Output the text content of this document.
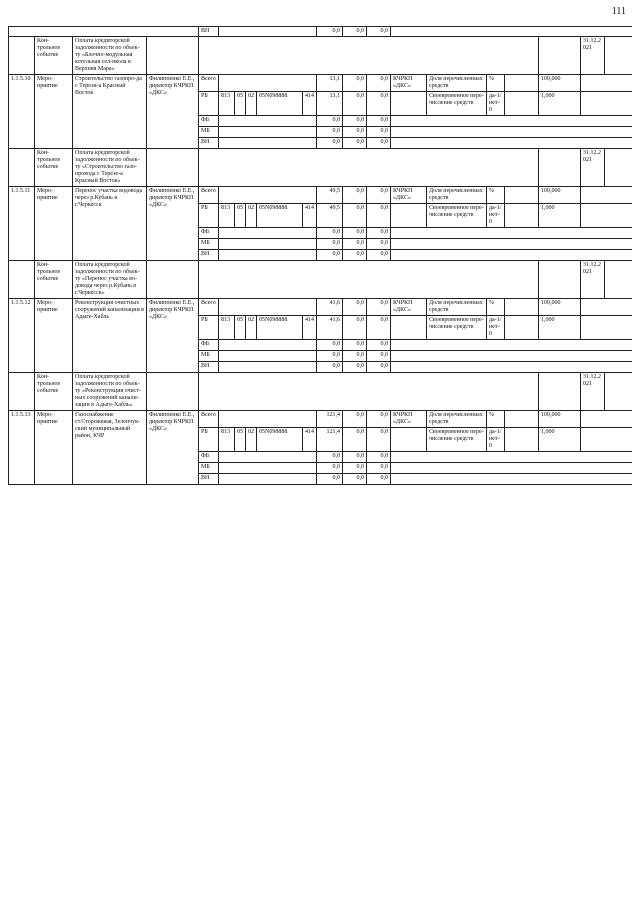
111
				ВН						0,0	0,0	0,0							
	Кон-трольное событие	Оплата кредиторской задолженности по объек-ту «Блочно-модульная котельная сел-нкола в Верхняя Мара»																31.12.2021	
1.1.5.10	Меро-приятие	Строительство газопро-да с Терези-а Красный Восток	Филиппенко Е.Е., директор КЧРКП «ДКС»	Всего						13,1	0,0	0,0	КЧРКП «ДКС»	Доля перечисленных средств	%		100,000		
				РБ	813	05	02	05N098888	414	13,1	0,0	0,0		Своевременное пере-числение средств	да-1/нет-0		1,000		
				ФБ						0,0	0,0	0,0							
				МБ						0,0	0,0	0,0							
				ВН						0,0	0,0	0,0							
	Кон-трольное событие	Оплата кредиторской задолженности по объек-ту «Строительство газо-провода с Терезе-а Красный Восток»																31.12.2021	
1.1.5.11	Меро-приятие	Перенос участка водовода через р.Кубань в г.Черкесск	Филиппенко Е.Е., директор КЧРКП «ДКС»	Всего						49,5	0,0	0,0	КЧРКП «ДКС»	Доля перечисленных средств	%		100,000		
				РБ	813	05	02	05N098888	414	49,5	0,0	0,0		Своевременное пере-числение средств	да-1/нет-0		1,000		
				ФБ						0,0	0,0	0,0							
				МБ						0,0	0,0	0,0							
				ВН						0,0	0,0	0,0							
	Кон-трольное событие	Оплата кредиторской задолженности по объек-ту «Перенос участка во-довода через р.Кубань в г.Черкесск»																31.12.2021	
1.1.5.12	Меро-приятие	Реконструкция очистных сооружений канализации в Адыге-Хабль	Филиппенко Е.Е., директор КЧРКП «ДКС»	Всего						41,6	0,0	0,0	КЧРКП «ДКС»	Доля перечисленных средств	%		100,000		
				РБ	813	05	02	05N098888	414	41,6	0,0	0,0		Своевременное пере-числение средств	да-1/нет-0		1,000		
				ФБ						0,0	0,0	0,0							
				МБ						0,0	0,0	0,0							
				ВН						0,0	0,0	0,0							
	Кон-трольное событие	Оплата кредиторской задолженности по объек-ту «Реконструкция очист-ных сооружений канали-зации в Адыге-Хабль»																31.12.2021	
1.1.5.13	Меро-приятие	Газоснабжение ст.Сторожевая, Зеленчук-ский муниципальный район, КЧР	Филиппенко Е.Е., директор КЧРКП «ДКС»	Всего						121,4	0,0	0,0	КЧРКП «ДКС»	Доля перечисленных средств	%		100,000		
				РБ	813	05	02	05N098888	414	121,4	0,0	0,0		Своевременное пере-числение средств	да-1/нет-0		1,000		
				ФБ						0,0	0,0	0,0							
				МБ						0,0	0,0	0,0							
				ВН						0,0	0,0	0,0							
